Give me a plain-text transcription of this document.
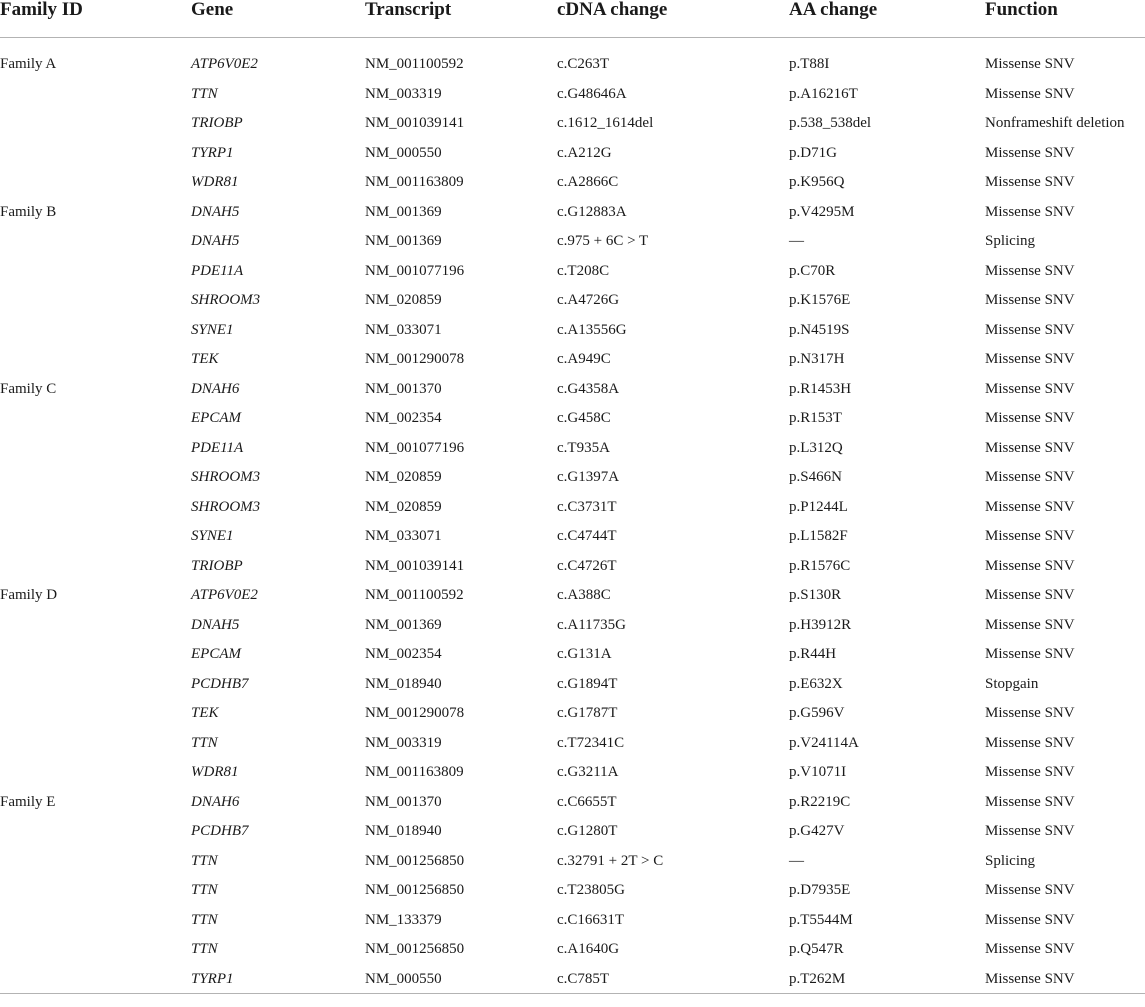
Family ID	Gene	Transcript	cDNA change	AA change	Function

Family A	ATP6V0E2	NM_001100592	c.C263T	p.T88I	Missense SNV

	TTN	NM_003319	c.G48646A	p.A16216T	Missense SNV

	TRIOBP	NM_001039141	c.1612_1614del	p.538_538del	Nonframeshift deletion

	TYRP1	NM_000550	c.A212G	p.D71G	Missense SNV

	WDR81	NM_001163809	c.A2866C	p.K956Q	Missense SNV

Family B	DNAH5	NM_001369	c.G12883A	p.V4295M	Missense SNV

	DNAH5	NM_001369	c.975 + 6C > T	—	Splicing

	PDE11A	NM_001077196	c.T208C	p.C70R	Missense SNV

	SHROOM3	NM_020859	c.A4726G	p.K1576E	Missense SNV

	SYNE1	NM_033071	c.A13556G	p.N4519S	Missense SNV

	TEK	NM_001290078	c.A949C	p.N317H	Missense SNV

Family C	DNAH6	NM_001370	c.G4358A	p.R1453H	Missense SNV

	EPCAM	NM_002354	c.G458C	p.R153T	Missense SNV

	PDE11A	NM_001077196	c.T935A	p.L312Q	Missense SNV

	SHROOM3	NM_020859	c.G1397A	p.S466N	Missense SNV

	SHROOM3	NM_020859	c.C3731T	p.P1244L	Missense SNV

	SYNE1	NM_033071	c.C4744T	p.L1582F	Missense SNV

	TRIOBP	NM_001039141	c.C4726T	p.R1576C	Missense SNV

Family D	ATP6V0E2	NM_001100592	c.A388C	p.S130R	Missense SNV

	DNAH5	NM_001369	c.A11735G	p.H3912R	Missense SNV

	EPCAM	NM_002354	c.G131A	p.R44H	Missense SNV

	PCDHB7	NM_018940	c.G1894T	p.E632X	Stopgain

	TEK	NM_001290078	c.G1787T	p.G596V	Missense SNV

	TTN	NM_003319	c.T72341C	p.V24114A	Missense SNV

	WDR81	NM_001163809	c.G3211A	p.V1071I	Missense SNV

Family E	DNAH6	NM_001370	c.C6655T	p.R2219C	Missense SNV

	PCDHB7	NM_018940	c.G1280T	p.G427V	Missense SNV

	TTN	NM_001256850	c.32791 + 2T > C	—	Splicing

	TTN	NM_001256850	c.T23805G	p.D7935E	Missense SNV

	TTN	NM_133379	c.C16631T	p.T5544M	Missense SNV

	TTN	NM_001256850	c.A1640G	p.Q547R	Missense SNV

	TYRP1	NM_000550	c.C785T	p.T262M	Missense SNV
